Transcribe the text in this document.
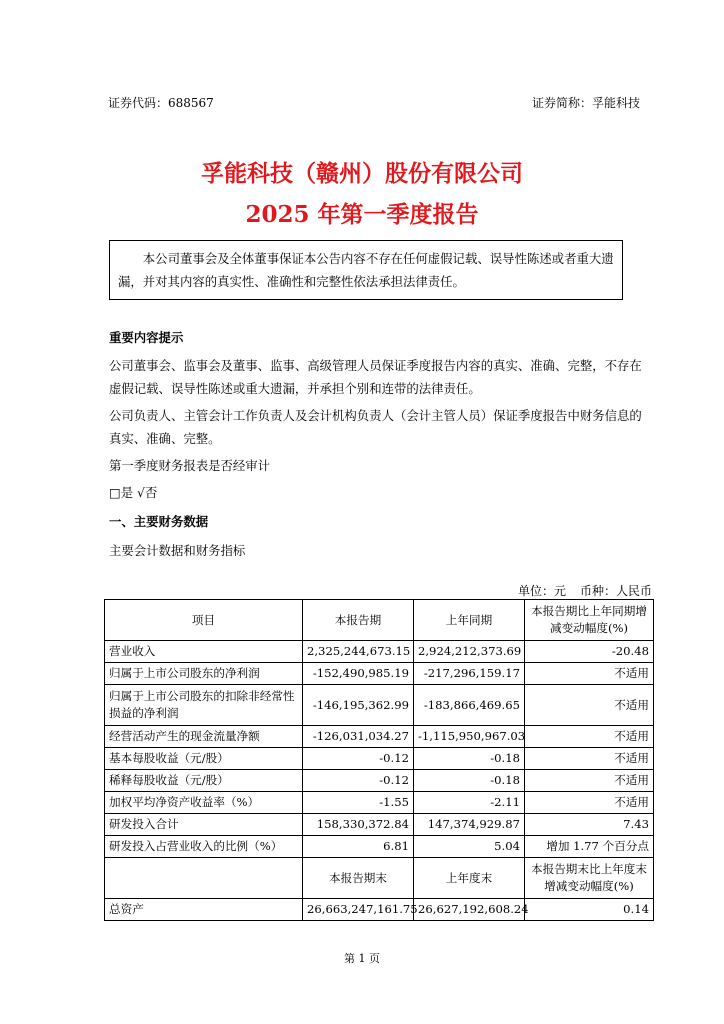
证券代码：688567	证券简称：孚能科技
孚能科技（赣州）股份有限公司
2025 年第一季度报告

本公司董事会及全体董事保证本公告内容不存在任何虚假记载、误导性陈述或者重大遗漏，并对其内容的真实性、准确性和完整性依法承担法律责任。

重要内容提示

公司董事会、监事会及董事、监事、高级管理人员保证季度报告内容的真实、准确、完整，不存在虚假记载、误导性陈述或重大遗漏，并承担个别和连带的法律责任。

公司负责人、主管会计工作负责人及会计机构负责人（会计主管人员）保证季度报告中财务信息的真实、准确、完整。

第一季度财务报表是否经审计

□是 √否

一、主要财务数据

主要会计数据和财务指标

单位：元 币种：人民币
项目	本报告期	上年同期	本报告期比上年同期增减变动幅度(%)
营业收入	2,325,244,673.15	2,924,212,373.69	-20.48
归属于上市公司股东的净利润	-152,490,985.19	-217,296,159.17	不适用
归属于上市公司股东的扣除非经常性损益的净利润	-146,195,362.99	-183,866,469.65	不适用
经营活动产生的现金流量净额	-126,031,034.27	-1,115,950,967.03	不适用
基本每股收益（元/股）	-0.12	-0.18	不适用
稀释每股收益（元/股）	-0.12	-0.18	不适用
加权平均净资产收益率（%）	-1.55	-2.11	不适用
研发投入合计	158,330,372.84	147,374,929.87	7.43
研发投入占营业收入的比例（%）	6.81	5.04	增加 1.77 个百分点
	本报告期末	上年度末	本报告期末比上年度末增减变动幅度(%)
总资产	26,663,247,161.75	26,627,192,608.24	0.14
第 1 页
